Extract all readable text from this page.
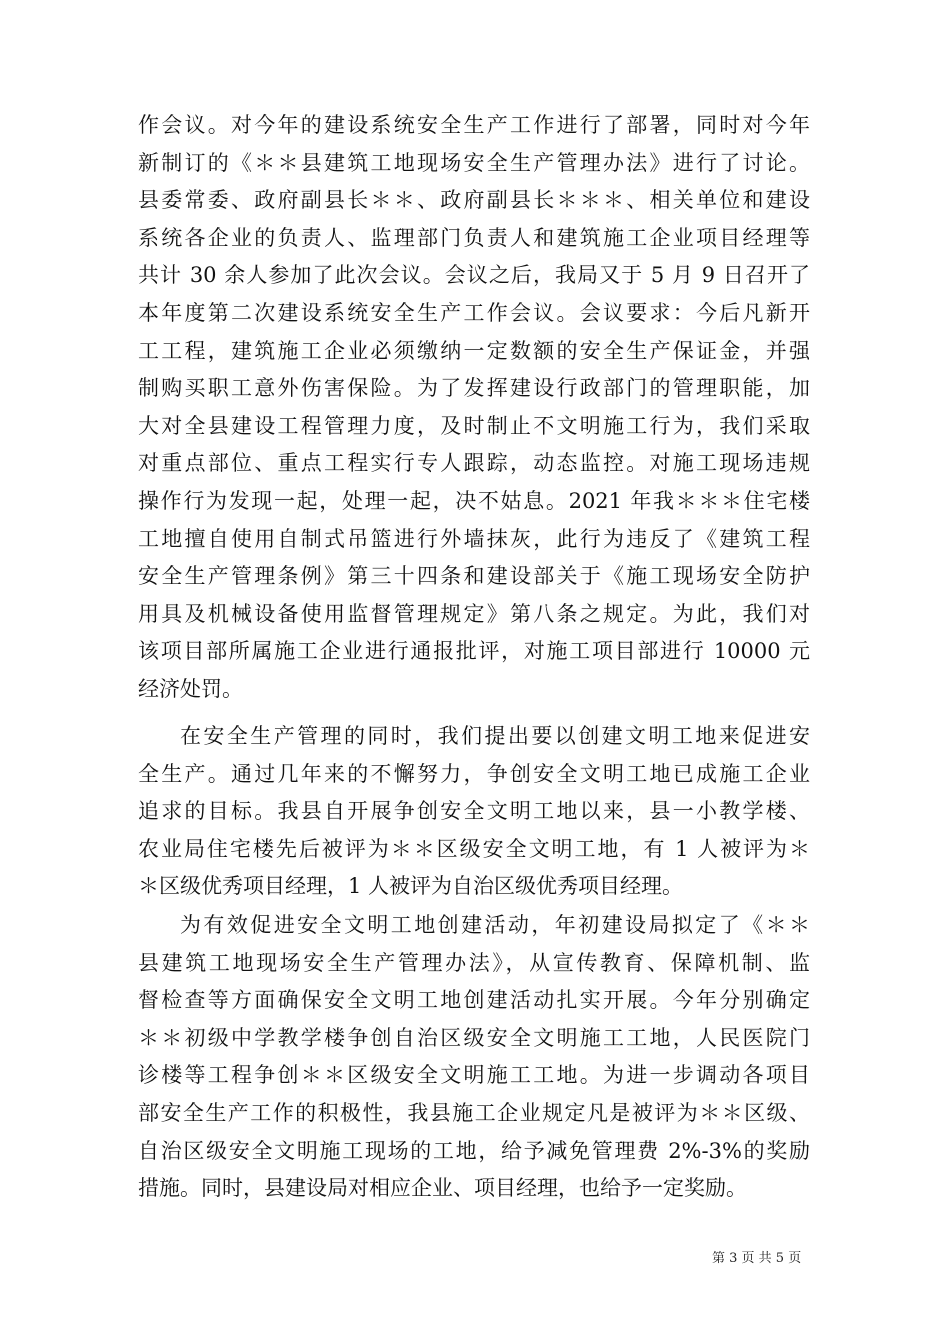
作会议。对今年的建设系统安全生产工作进行了部署，同时对今年
新制订的《＊＊县建筑工地现场安全生产管理办法》进行了讨论。
县委常委、政府副县长＊＊、政府副县长＊＊＊、相关单位和建设
系统各企业的负责人、监理部门负责人和建筑施工企业项目经理等
共计 30 余人参加了此次会议。会议之后，我局又于 5 月 9 日召开了
本年度第二次建设系统安全生产工作会议。会议要求：今后凡新开
工工程，建筑施工企业必须缴纳一定数额的安全生产保证金，并强
制购买职工意外伤害保险。为了发挥建设行政部门的管理职能，加
大对全县建设工程管理力度，及时制止不文明施工行为，我们采取
对重点部位、重点工程实行专人跟踪，动态监控。对施工现场违规
操作行为发现一起，处理一起，决不姑息。2021 年我＊＊＊住宅楼
工地擅自使用自制式吊篮进行外墙抹灰，此行为违反了《建筑工程
安全生产管理条例》第三十四条和建设部关于《施工现场安全防护
用具及机械设备使用监督管理规定》第八条之规定。为此，我们对
该项目部所属施工企业进行通报批评，对施工项目部进行 10000 元
经济处罚。
在安全生产管理的同时，我们提出要以创建文明工地来促进安
全生产。通过几年来的不懈努力，争创安全文明工地已成施工企业
追求的目标。我县自开展争创安全文明工地以来，县一小教学楼、
农业局住宅楼先后被评为＊＊区级安全文明工地，有 1 人被评为＊
＊区级优秀项目经理，1 人被评为自治区级优秀项目经理。
为有效促进安全文明工地创建活动，年初建设局拟定了《＊＊
县建筑工地现场安全生产管理办法》，从宣传教育、保障机制、监
督检查等方面确保安全文明工地创建活动扎实开展。今年分别确定
＊＊初级中学教学楼争创自治区级安全文明施工工地，人民医院门
诊楼等工程争创＊＊区级安全文明施工工地。为进一步调动各项目
部安全生产工作的积极性，我县施工企业规定凡是被评为＊＊区级、
自治区级安全文明施工现场的工地，给予减免管理费 2%-3%的奖励
措施。同时，县建设局对相应企业、项目经理，也给予一定奖励。
第 3 页 共 5 页
